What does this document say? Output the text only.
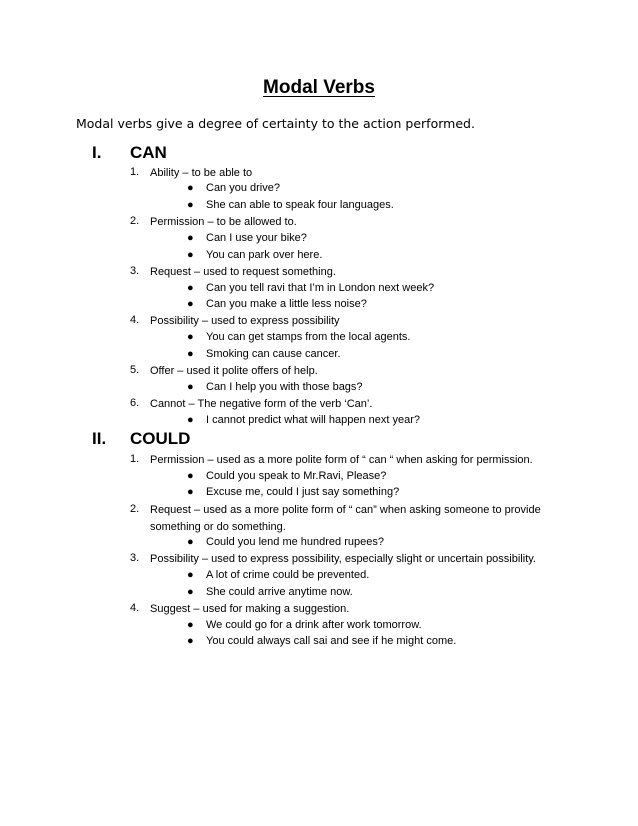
Modal Verbs
Modal verbs give a degree of certainty to the action performed.
I. CAN
1. Ability – to be able to
● Can you drive?
● She can able to speak four languages.
2. Permission – to be allowed to.
● Can I use your bike?
● You can park over here.
3. Request – used to request something.
● Can you tell ravi that I’m in London next week?
● Can you make a little less noise?
4. Possibility – used to express possibility
● You can get stamps from the local agents.
● Smoking can cause cancer.
5. Offer – used it polite offers of help.
● Can I help you with those bags?
6. Cannot – The negative form of the verb ‘Can’.
● I cannot predict what will happen next year?
II. COULD
1. Permission – used as a more polite form of “ can “ when asking for permission.
● Could you speak to Mr.Ravi, Please?
● Excuse me, could I just say something?
2. Request – used as a more polite form of “ can” when asking someone to provide something or do something.
● Could you lend me hundred rupees?
3. Possibility – used to express possibility, especially slight or uncertain possibility.
● A lot of crime could be prevented.
● She could arrive anytime now.
4. Suggest – used for making a suggestion.
● We could go for a drink after work tomorrow.
● You could always call sai and see if he might come.
